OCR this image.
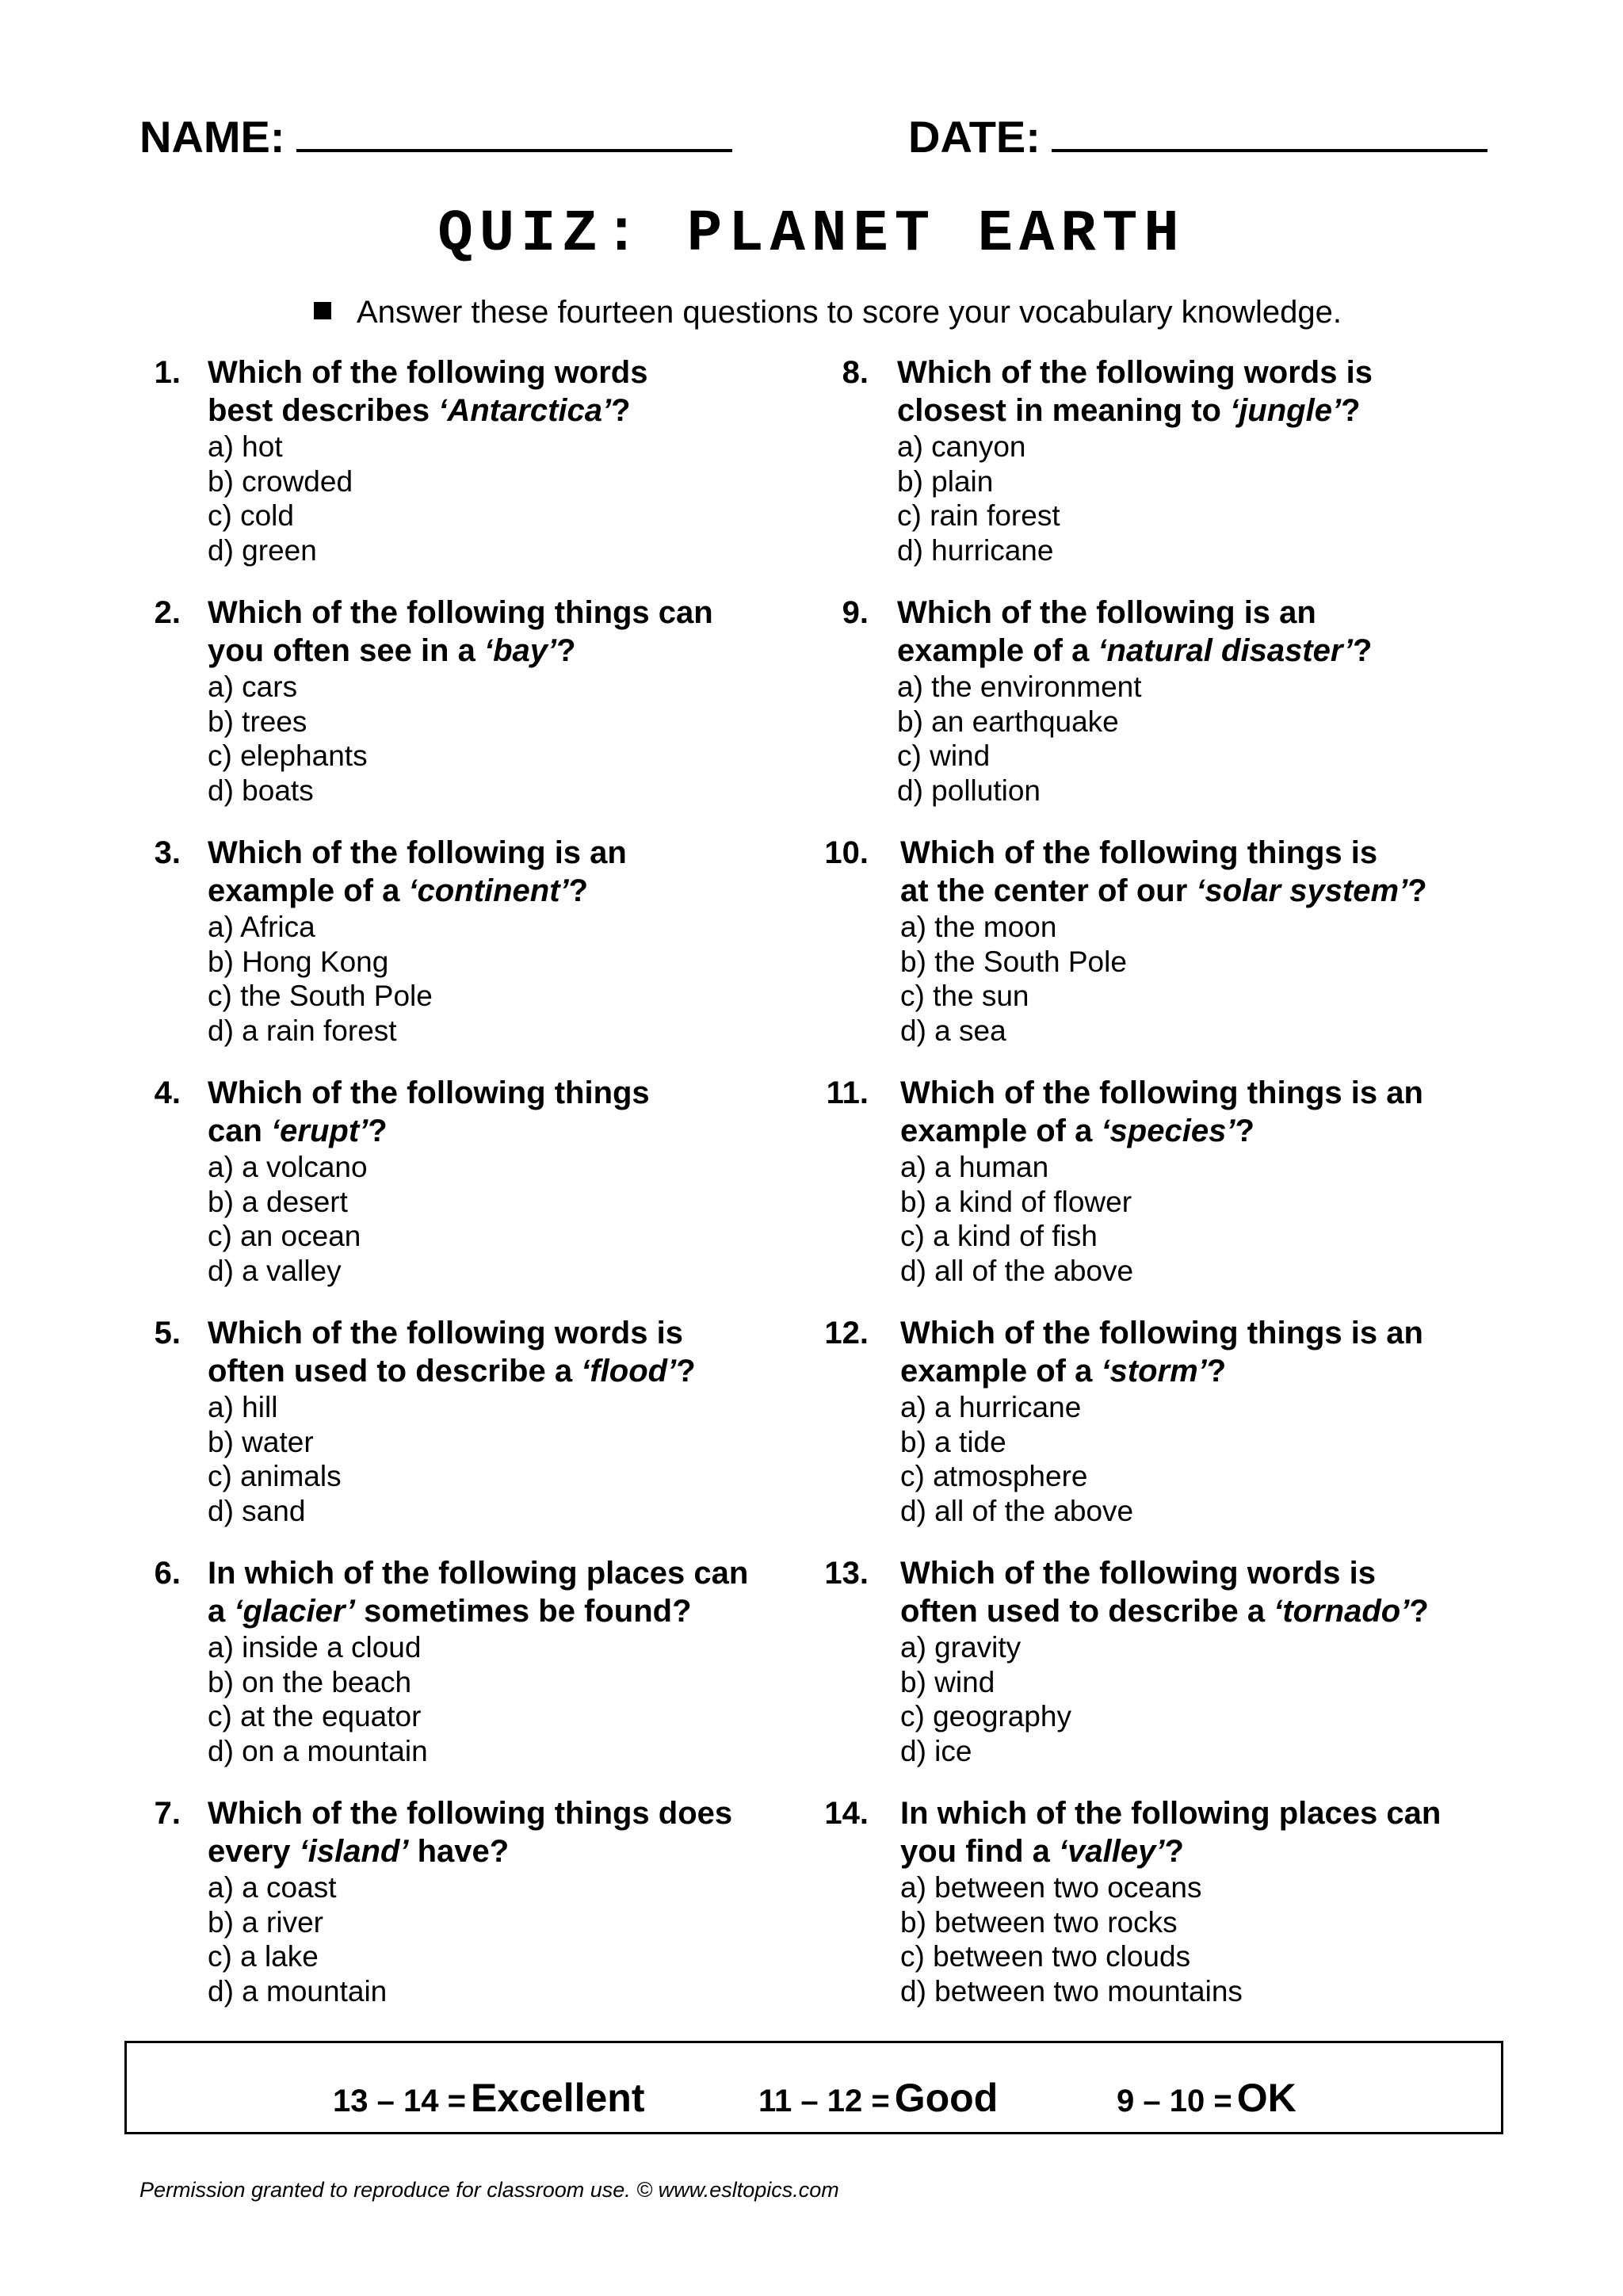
NAME:	DATE:
QUIZ: PLANET EARTH
Answer these fourteen questions to score your vocabulary knowledge.
1. Which of the following words
best describes ‘Antarctica’?
a) hot
b) crowded
c) cold
d) green
2. Which of the following things can
you often see in a ‘bay’?
a) cars
b) trees
c) elephants
d) boats
3. Which of the following is an
example of a ‘continent’?
a) Africa
b) Hong Kong
c) the South Pole
d) a rain forest
4. Which of the following things
can ‘erupt’?
a) a volcano
b) a desert
c) an ocean
d) a valley
5. Which of the following words is
often used to describe a ‘flood’?
a) hill
b) water
c) animals
d) sand
6. In which of the following places can
a ‘glacier’ sometimes be found?
a) inside a cloud
b) on the beach
c) at the equator
d) on a mountain
7. Which of the following things does
every ‘island’ have?
a) a coast
b) a river
c) a lake
d) a mountain
8. Which of the following words is
closest in meaning to ‘jungle’?
a) canyon
b) plain
c) rain forest
d) hurricane
9. Which of the following is an
example of a ‘natural disaster’?
a) the environment
b) an earthquake
c) wind
d) pollution
10. Which of the following things is
at the center of our ‘solar system’?
a) the moon
b) the South Pole
c) the sun
d) a sea
11. Which of the following things is an
example of a ‘species’?
a) a human
b) a kind of flower
c) a kind of fish
d) all of the above
12. Which of the following things is an
example of a ‘storm’?
a) a hurricane
b) a tide
c) atmosphere
d) all of the above
13. Which of the following words is
often used to describe a ‘tornado’?
a) gravity
b) wind
c) geography
d) ice
14. In which of the following places can
you find a ‘valley’?
a) between two oceans
b) between two rocks
c) between two clouds
d) between two mountains
13 – 14 = Excellent	11 – 12 = Good	9 – 10 = OK
Permission granted to reproduce for classroom use. © www.esltopics.com
